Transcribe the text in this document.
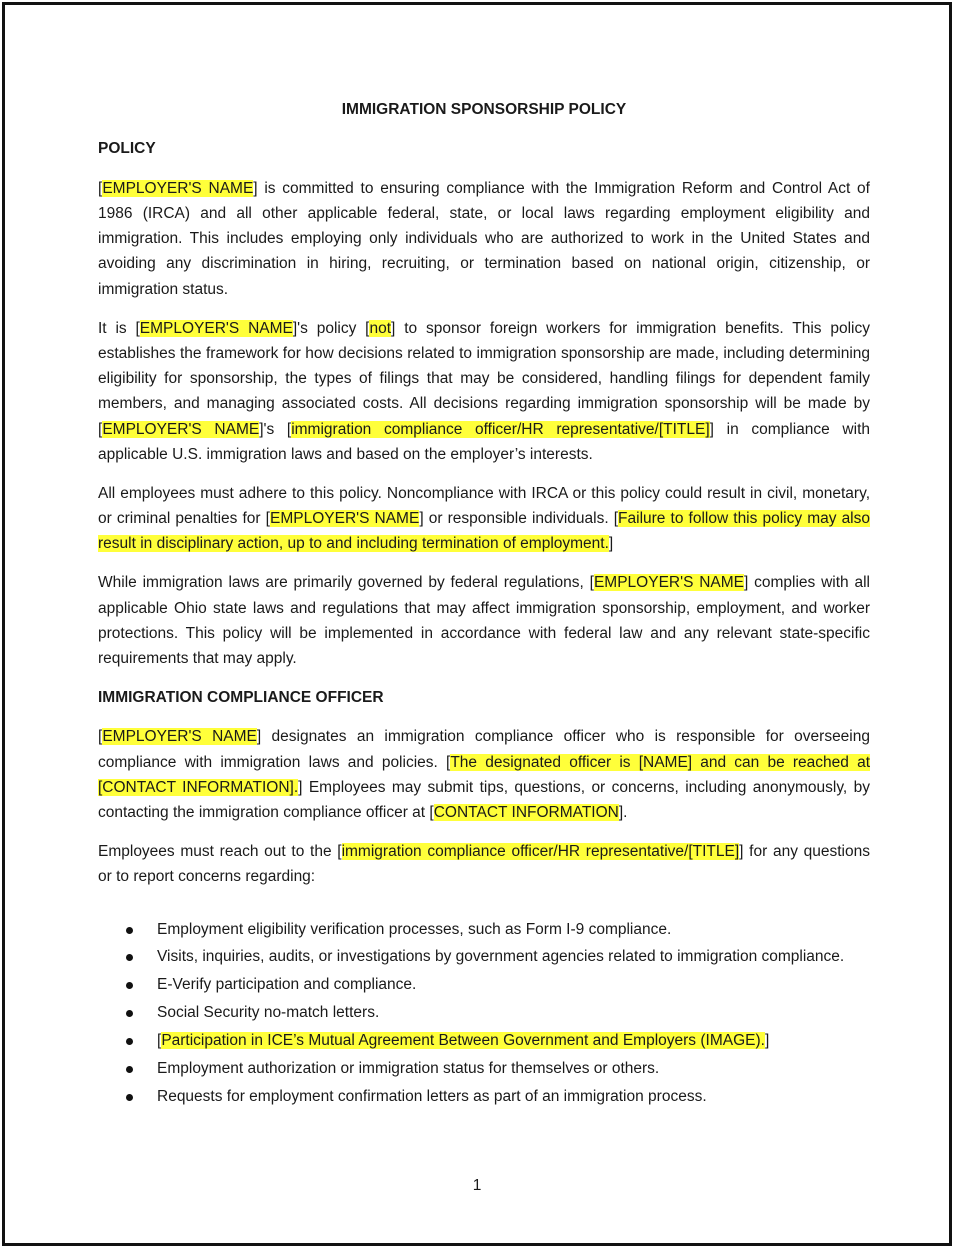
IMMIGRATION SPONSORSHIP POLICY
POLICY

[EMPLOYER'S NAME] is committed to ensuring compliance with the Immigration Reform and Control Act of 1986 (IRCA) and all other applicable federal, state, or local laws regarding employment eligibility and immigration. This includes employing only individuals who are authorized to work in the United States and avoiding any discrimination in hiring, recruiting, or termination based on national origin, citizenship, or immigration status.

It is [EMPLOYER'S NAME]'s policy [not] to sponsor foreign workers for immigration benefits. This policy establishes the framework for how decisions related to immigration sponsorship are made, including determining eligibility for sponsorship, the types of filings that may be considered, handling filings for dependent family members, and managing associated costs. All decisions regarding immigration sponsorship will be made by [EMPLOYER'S NAME]'s [immigration compliance officer/HR representative/[TITLE]] in compliance with applicable U.S. immigration laws and based on the employer’s interests.

All employees must adhere to this policy. Noncompliance with IRCA or this policy could result in civil, monetary, or criminal penalties for [EMPLOYER'S NAME] or responsible individuals. [Failure to follow this policy may also result in disciplinary action, up to and including termination of employment.]

While immigration laws are primarily governed by federal regulations, [EMPLOYER'S NAME] complies with all applicable Ohio state laws and regulations that may affect immigration sponsorship, employment, and worker protections. This policy will be implemented in accordance with federal law and any relevant state-specific requirements that may apply.

IMMIGRATION COMPLIANCE OFFICER

[EMPLOYER'S NAME] designates an immigration compliance officer who is responsible for overseeing compliance with immigration laws and policies. [The designated officer is [NAME] and can be reached at [CONTACT INFORMATION].] Employees may submit tips, questions, or concerns, including anonymously, by contacting the immigration compliance officer at [CONTACT INFORMATION].

Employees must reach out to the [immigration compliance officer/HR representative/[TITLE]] for any questions or to report concerns regarding:

Employment eligibility verification processes, such as Form I-9 compliance.
Visits, inquiries, audits, or investigations by government agencies related to immigration compliance.
E-Verify participation and compliance.
Social Security no-match letters.
[Participation in ICE’s Mutual Agreement Between Government and Employers (IMAGE).]
Employment authorization or immigration status for themselves or others.
Requests for employment confirmation letters as part of an immigration process.
1
